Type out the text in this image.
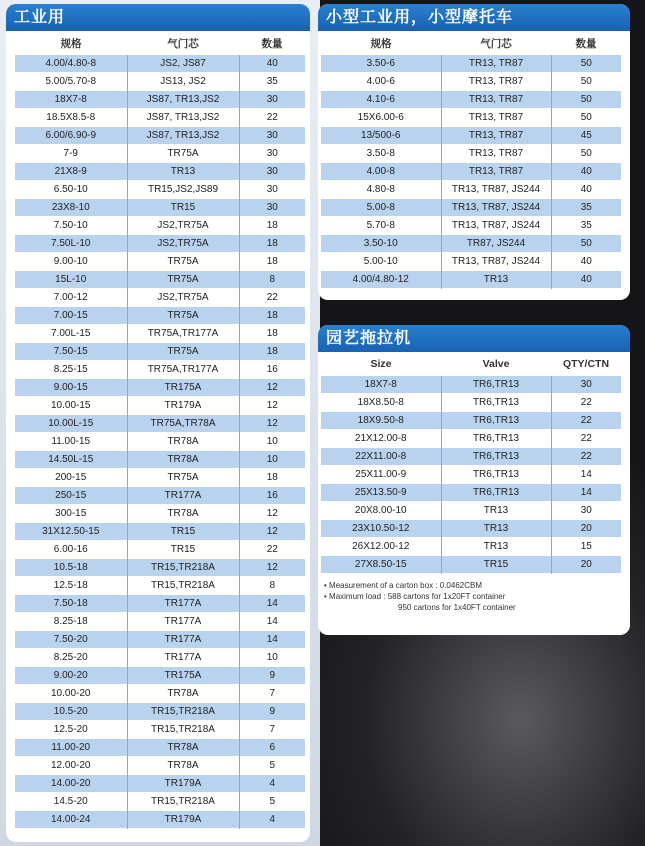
工业用
规格	气门芯	数量
4.00/4.80-8	JS2, JS87	40
5.00/5.70-8	JS13, JS2	35
18X7-8	JS87, TR13,JS2	30
18.5X8.5-8	JS87, TR13,JS2	22
6.00/6.90-9	JS87, TR13,JS2	30
7-9	TR75A	30
21X8-9	TR13	30
6.50-10	TR15,JS2,JS89	30
23X8-10	TR15	30
7.50-10	JS2,TR75A	18
7.50L-10	JS2,TR75A	18
9.00-10	TR75A	18
15L-10	TR75A	8
7.00-12	JS2,TR75A	22
7.00-15	TR75A	18
7.00L-15	TR75A,TR177A	18
7.50-15	TR75A	18
8.25-15	TR75A,TR177A	16
9.00-15	TR175A	12
10.00-15	TR179A	12
10.00L-15	TR75A,TR78A	12
11.00-15	TR78A	10
14.50L-15	TR78A	10
200-15	TR75A	18
250-15	TR177A	16
300-15	TR78A	12
31X12.50-15	TR15	12
6.00-16	TR15	22
10.5-18	TR15,TR218A	12
12.5-18	TR15,TR218A	8
7.50-18	TR177A	14
8.25-18	TR177A	14
7.50-20	TR177A	14
8.25-20	TR177A	10
9.00-20	TR175A	9
10.00-20	TR78A	7
10.5-20	TR15,TR218A	9
12.5-20	TR15,TR218A	7
11.00-20	TR78A	6
12.00-20	TR78A	5
14.00-20	TR179A	4
14.5-20	TR15,TR218A	5
14.00-24	TR179A	4
小型工业用，小型摩托车
规格	气门芯	数量
3.50-6	TR13, TR87	50
4.00-6	TR13, TR87	50
4.10-6	TR13, TR87	50
15X6.00-6	TR13, TR87	50
13/500-6	TR13, TR87	45
3.50-8	TR13, TR87	50
4.00-8	TR13, TR87	40
4.80-8	TR13, TR87, JS244	40
5.00-8	TR13, TR87, JS244	35
5.70-8	TR13, TR87, JS244	35
3.50-10	TR87, JS244	50
5.00-10	TR13, TR87, JS244	40
4.00/4.80-12	TR13	40
园艺拖拉机
Size	Valve	QTY/CTN
18X7-8	TR6,TR13	30
18X8.50-8	TR6,TR13	22
18X9.50-8	TR6,TR13	22
21X12.00-8	TR6,TR13	22
22X11.00-8	TR6,TR13	22
25X11.00-9	TR6,TR13	14
25X13.50-9	TR6,TR13	14
20X8.00-10	TR13	30
23X10.50-12	TR13	20
26X12.00-12	TR13	15
27X8.50-15	TR15	20
• Measurement of a carton box : 0.0462CBM
• Maximum load : 588 cartons for 1x20FT container
950 cartons for 1x40FT container
